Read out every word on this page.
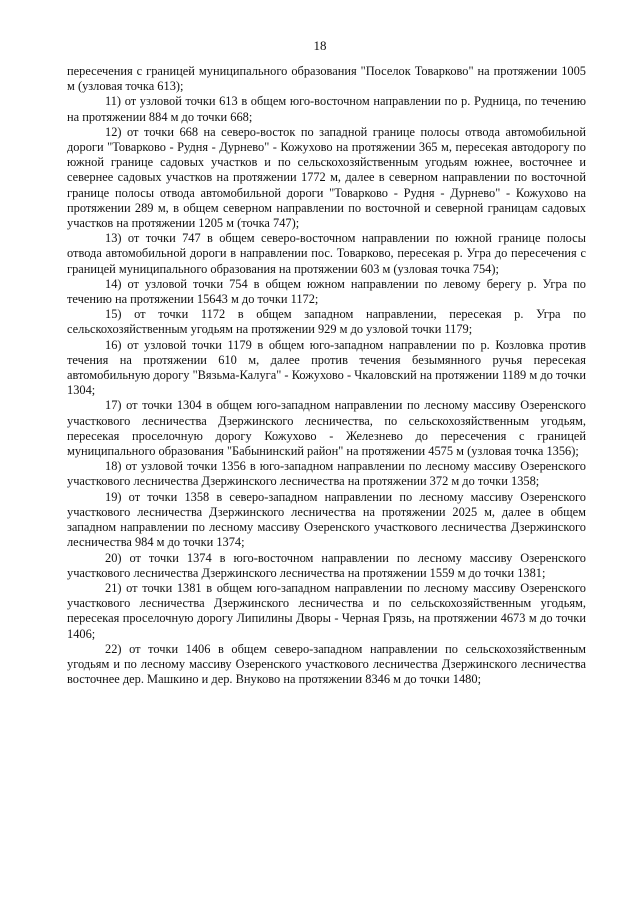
18

пересечения с границей муниципального образования "Поселок Товарково" на протяжении 1005 м (узловая точка 613);

11) от узловой точки 613 в общем юго-восточном направлении по р. Рудница, по течению на протяжении 884 м до точки 668;

12) от точки 668 на северо-восток по западной границе полосы отвода автомобильной дороги "Товарково - Рудня - Дурнево" - Кожухово на протяжении 365 м, пересекая автодорогу по южной границе садовых участков и по сельскохозяйственным угодьям южнее, восточнее и севернее садовых участков на протяжении 1772 м, далее в северном направлении по восточной границе полосы отвода автомобильной дороги "Товарково - Рудня - Дурнево" - Кожухово на протяжении 289 м, в общем северном направлении по восточной и северной границам садовых участков на протяжении 1205 м (точка 747);

13) от точки 747 в общем северо-восточном направлении по южной границе полосы отвода автомобильной дороги в направлении пос. Товарково, пересекая р. Угра до пересечения с границей муниципального образования на протяжении 603 м (узловая точка 754);

14) от узловой точки 754 в общем южном направлении по левому берегу р. Угра по течению на протяжении 15643 м до точки 1172;

15) от точки 1172 в общем западном направлении, пересекая р. Угра по сельскохозяйственным угодьям на протяжении 929 м до узловой точки 1179;

16) от узловой точки 1179 в общем юго-западном направлении по р. Козловка против течения на протяжении 610 м, далее против течения безымянного ручья пересекая автомобильную дорогу "Вязьма-Калуга" - Кожухово - Чкаловский на протяжении 1189 м до точки 1304;

17) от точки 1304 в общем юго-западном направлении по лесному массиву Озеренского участкового лесничества Дзержинского лесничества, по сельскохозяйственным угодьям, пересекая проселочную дорогу Кожухово - Железнево до пересечения с границей муниципального образования "Бабынинский район" на протяжении 4575 м (узловая точка 1356);

18) от узловой точки 1356 в юго-западном направлении по лесному массиву Озеренского участкового лесничества Дзержинского лесничества на протяжении 372 м до точки 1358;

19) от точки 1358 в северо-западном направлении по лесному массиву Озеренского участкового лесничества Дзержинского лесничества на протяжении 2025 м, далее в общем западном направлении по лесному массиву Озеренского участкового лесничества Дзержинского лесничества 984 м до точки 1374;

20) от точки 1374 в юго-восточном направлении по лесному массиву Озеренского участкового лесничества Дзержинского лесничества на протяжении 1559 м до точки 1381;

21) от точки 1381 в общем юго-западном направлении по лесному массиву Озеренского участкового лесничества Дзержинского лесничества и по сельскохозяйственным угодьям, пересекая проселочную дорогу Липилины Дворы - Черная Грязь, на протяжении 4673 м до точки 1406;

22) от точки 1406 в общем северо-западном направлении по сельскохозяйственным угодьям и по лесному массиву Озеренского участкового лесничества Дзержинского лесничества восточнее дер. Машкино и дер. Внуково на протяжении 8346 м до точки 1480;
